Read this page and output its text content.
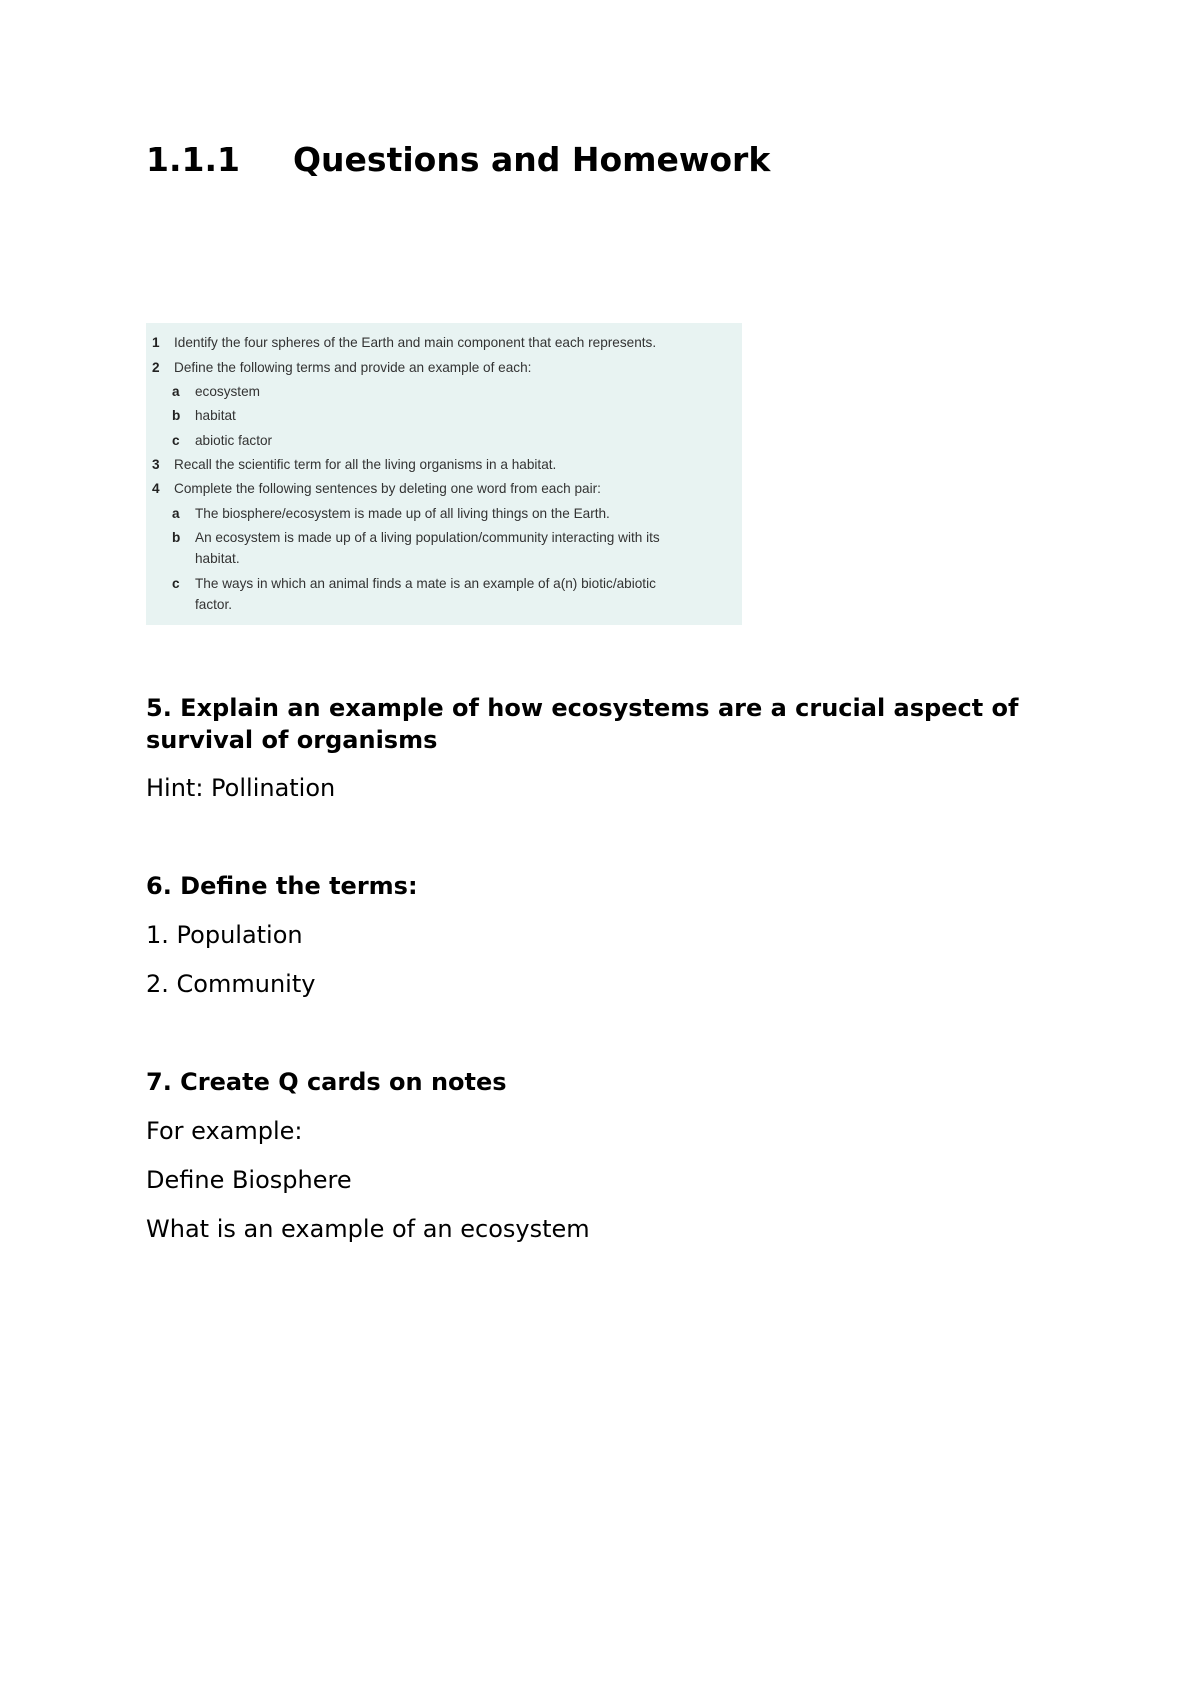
1.1.1 Questions and Homework
1 Identify the four spheres of the Earth and main component that each represents.
2 Define the following terms and provide an example of each:
a ecosystem
b habitat
c abiotic factor
3 Recall the scientific term for all the living organisms in a habitat.
4 Complete the following sentences by deleting one word from each pair:
a The biosphere/ecosystem is made up of all living things on the Earth.
b An ecosystem is made up of a living population/community interacting with its
habitat.
c The ways in which an animal finds a mate is an example of a(n) biotic/abiotic
factor.
5. Explain an example of how ecosystems are a crucial aspect of survival of organisms
Hint: Pollination
6. Define the terms:
1. Population
2. Community
7. Create Q cards on notes
For example:
Define Biosphere
What is an example of an ecosystem
